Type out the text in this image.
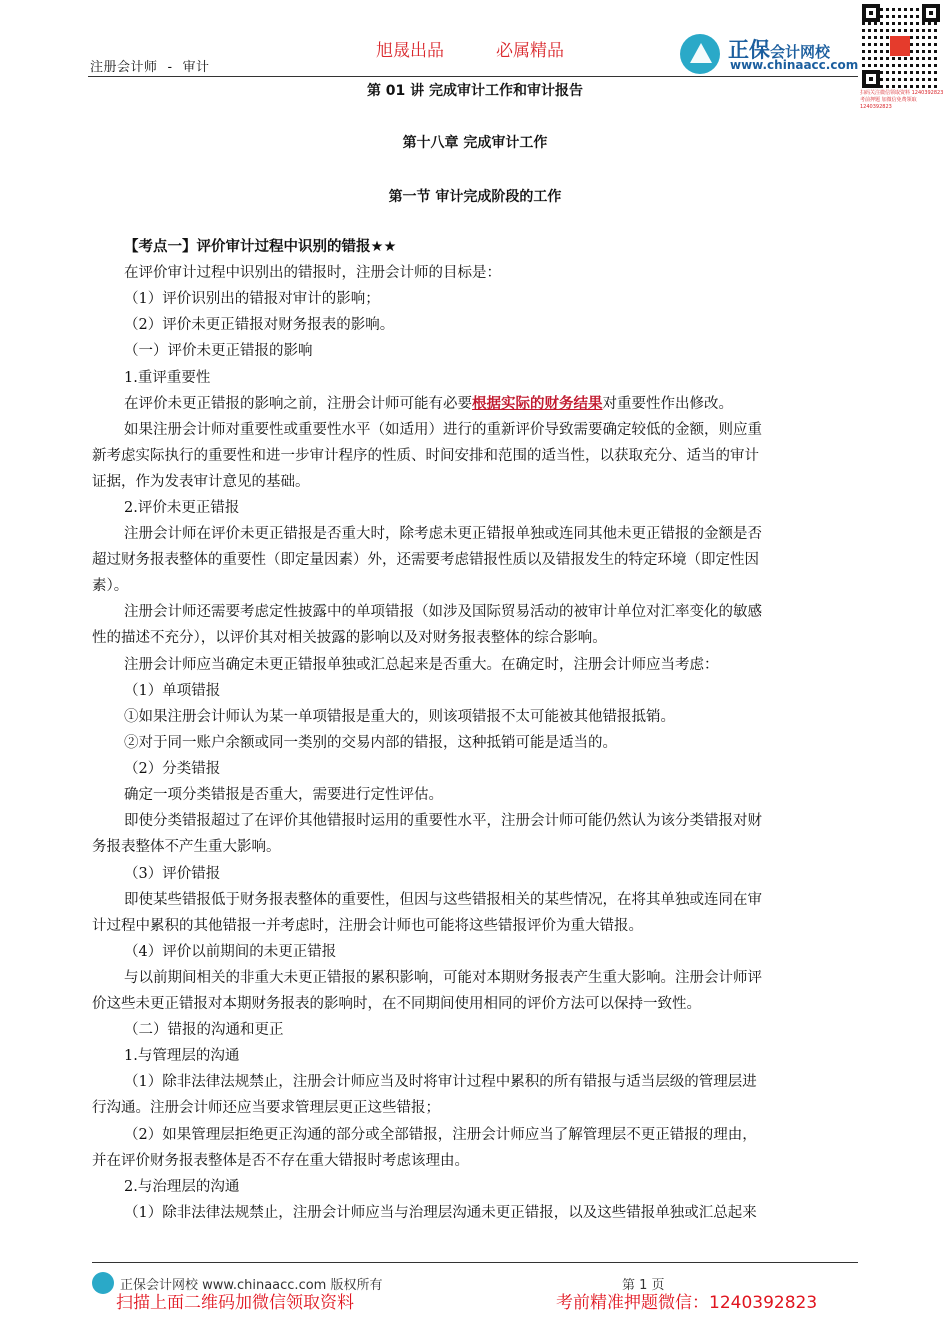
注册会计师 - 审计
旭晟出品	必属精品	正保会计网校
www.chinaacc.com
扫码关注微信领取资料 1240392823 考前押题 加微信免费领取 1240392823
第 01 讲 完成审计工作和审计报告
第十八章 完成审计工作
第一节 审计完成阶段的工作
【考点一】评价审计过程中识别的错报★★
在评价审计过程中识别出的错报时，注册会计师的目标是：
（1）评价识别出的错报对审计的影响；
（2）评价未更正错报对财务报表的影响。
（一）评价未更正错报的影响
1.重评重要性
在评价未更正错报的影响之前，注册会计师可能有必要根据实际的财务结果对重要性作出修改。
如果注册会计师对重要性或重要性水平（如适用）进行的重新评价导致需要确定较低的金额，则应重
新考虑实际执行的重要性和进一步审计程序的性质、时间安排和范围的适当性，以获取充分、适当的审计
证据，作为发表审计意见的基础。
2.评价未更正错报
注册会计师在评价未更正错报是否重大时，除考虑未更正错报单独或连同其他未更正错报的金额是否
超过财务报表整体的重要性（即定量因素）外，还需要考虑错报性质以及错报发生的特定环境（即定性因
素）。
注册会计师还需要考虑定性披露中的单项错报（如涉及国际贸易活动的被审计单位对汇率变化的敏感
性的描述不充分），以评价其对相关披露的影响以及对财务报表整体的综合影响。
注册会计师应当确定未更正错报单独或汇总起来是否重大。在确定时，注册会计师应当考虑：
（1）单项错报
①如果注册会计师认为某一单项错报是重大的，则该项错报不太可能被其他错报抵销。
②对于同一账户余额或同一类别的交易内部的错报，这种抵销可能是适当的。
（2）分类错报
确定一项分类错报是否重大，需要进行定性评估。
即使分类错报超过了在评价其他错报时运用的重要性水平，注册会计师可能仍然认为该分类错报对财
务报表整体不产生重大影响。
（3）评价错报
即使某些错报低于财务报表整体的重要性，但因与这些错报相关的某些情况，在将其单独或连同在审
计过程中累积的其他错报一并考虑时，注册会计师也可能将这些错报评价为重大错报。
（4）评价以前期间的未更正错报
与以前期间相关的非重大未更正错报的累积影响，可能对本期财务报表产生重大影响。注册会计师评
价这些未更正错报对本期财务报表的影响时，在不同期间使用相同的评价方法可以保持一致性。
（二）错报的沟通和更正
1.与管理层的沟通
（1）除非法律法规禁止，注册会计师应当及时将审计过程中累积的所有错报与适当层级的管理层进
行沟通。注册会计师还应当要求管理层更正这些错报；
（2）如果管理层拒绝更正沟通的部分或全部错报，注册会计师应当了解管理层不更正错报的理由，
并在评价财务报表整体是否不存在重大错报时考虑该理由。
2.与治理层的沟通
（1）除非法律法规禁止，注册会计师应当与治理层沟通未更正错报，以及这些错报单独或汇总起来
正保会计网校 www.chinaacc.com 版权所有	第 1 页
扫描上面二维码加微信领取资料	考前精准押题微信：1240392823
